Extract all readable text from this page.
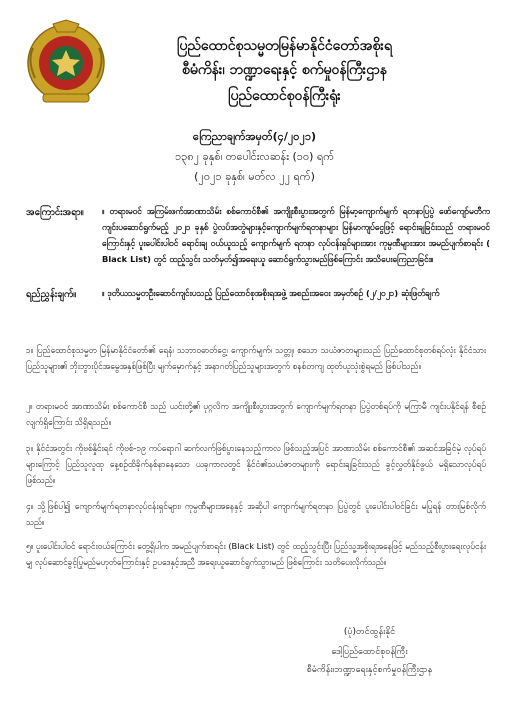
ပြည်ထောင်စုသမ္မတမြန်မာနိုင်ငံတော်အစိုးရ
စီမံကိန်း၊ ဘဏ္ဍာရေးနှင့် စက်မှုဝန်ကြီးဌာန
ပြည်ထောင်စုဝန်ကြီးရုံး
ကြေညာချက်အမှတ်(၄/၂၀၂၁)
၁၃၈၂ ခုနှစ်၊ တပေါင်းလဆန်း (၁၀) ရက်
(၂၀၂၁ ခုနှစ်၊ မတ်လ ၂၂ ရက်)
အကြောင်းအရာ။ ။ တရားမဝင် အကြမ်းဖက်အာဏာသိမ်း စစ်ကောင်စီ၏ အကျိုးစီးပွားအတွက် မြန်မာ့ကျောက်မျက် ရတနာပြပွဲ ဖော်ကျော်မတီက ကျင်းပဆောင်ရွက်မည့် ၂၀၂၁ ခုနှစ် ပွဲလပ်အတွဲများနှင့်ကျောက်မျက်ရတနာများ မြန်မာကျပ်ငွေဖြင့် ရောင်းချခြင်းသည် တရားမဝင်ကြောင်းနှင့် ပူးပေါင်းပါဝင် ရောင်းချ ဝယ်ယူသည့် ကျောက်မျက် ရတနာ လုပ်ငန်းရှင်များအား ကုမ္ပဏီများအား အမည်ပျက်စာရင်း ( Black List) တွင် ထည့်သွင်း သတ်မှတ်၍အရေးယူ ဆောင်ရွက်သွားမည်ဖြစ်ကြောင်း အသိပေးကြေညာခြင်း။
ရည်ညွှန်းချက်။	။ ဒုတိယသမ္မတဦးဆောင်ကျင်းပသည့် ပြည်ထောင်စုအစိုးရအဖွဲ့ အစည်းအဝေး အမှတ်စဉ် (၂/၂၀၂၁) ဆုံးဖြတ်ချက်
၁။ ပြည်ထောင်စုသမ္မတ မြန်မာနိုင်ငံတော်၏ ရေနံ၊ သဘာဝဓာတ်ငွေ့၊ ကျောက်မျက်၊ သတ္တု၊ စသော သယံဇာတများသည် ပြည်ထောင်စုတစ်ရပ်လုံး နိုင်ငံသားပြည်သူများ၏ ဘိုးဘွားပိုင်အမွေအနှစ်ဖြစ်ပြီး မျက်မှောက်နှင့် အနာဂတ်ပြည်သူများအတွက် စနစ်တကျ ထုတ်ယူသုံးစွဲရမည် ဖြစ်ပါသည်။
၂။ တရားမဝင် အာဏာသိမ်း စစ်ကောင်စီ သည် ယင်းတို့၏ ပုဂ္ဂလိက အကျိုးစီးပွားအတွက် ကျောက်မျက်ရတနာ ပြပွဲတစ်ရပ်ကို မကြာမီ ကျင်းပနိုင်ရန် စီစဉ်လျက်ရှိကြောင်း သိရှိရသည်။
၃။ နိုင်ငံအတွင်း ကိုဗစ်နှိုင်းရင် ကိုဗစ်-၁၉ ကပ်ရောဂါ ဆက်လက်ဖြစ်ပွားနေသည့်ကာလ ဖြစ်သည့်အပြင် အာဏာသိမ်း စစ်ကောင်စီ၏ အဆင်အခြင်မဲ့ လုပ်ရပ်များကြောင့် ပြည်သူလူထု နေ့စဉ်ထိခိုက်နစ်နာနေသော ယခုကာလတွင် နိုင်ငံ၏သယံဇာတများကို ရောင်းချခြင်းသည် ခွင့်လွှတ်နိုင်ဖွယ် မရှိသောလုပ်ရပ်ဖြစ်သည်။
၄။ သို့ဖြစ်ပါ၍ ကျောက်မျက်ရတနာလုပ်ငန်းရှင်များ၊ ကုမ္ပဏီများအနေနှင့် အဆိုပါ ကျောက်မျက်ရတနာ ပြပွဲတွင် ပူးပေါင်းပါဝင်ခြင်း မပြုရန် တားမြစ်လိုက်သည်။
၅။ ပူးပေါင်းပါဝင် ရောင်းဝယ်ကြောင်း တွေ့ရှိပါက အမည်ပျက်စာရင်း (Black List) တွင် ထည့်သွင်းပြီး ပြည်သူ့အစိုးရအနေဖြင့် မည်သည့်စီးပွားရေးလုပ်ငန်းမျှ လုပ်ဆောင်ခွင့်ပြုမည်မဟုတ်ကြောင်းနှင့် ဥပဒေနှင့်အညီ အရေးယူဆောင်ရွက်သွားမည် ဖြစ်ကြောင်း သတိပေးလိုက်သည်။
(ပုံ)တင်ထွန်းနိုင်
ဒေါ့ပြည်ထောင်စုဝန်ကြီး
စီမံကိန်း၊ဘဏ္ဍာရေးနှင့်စက်မှုဝန်ကြီးဌာန
